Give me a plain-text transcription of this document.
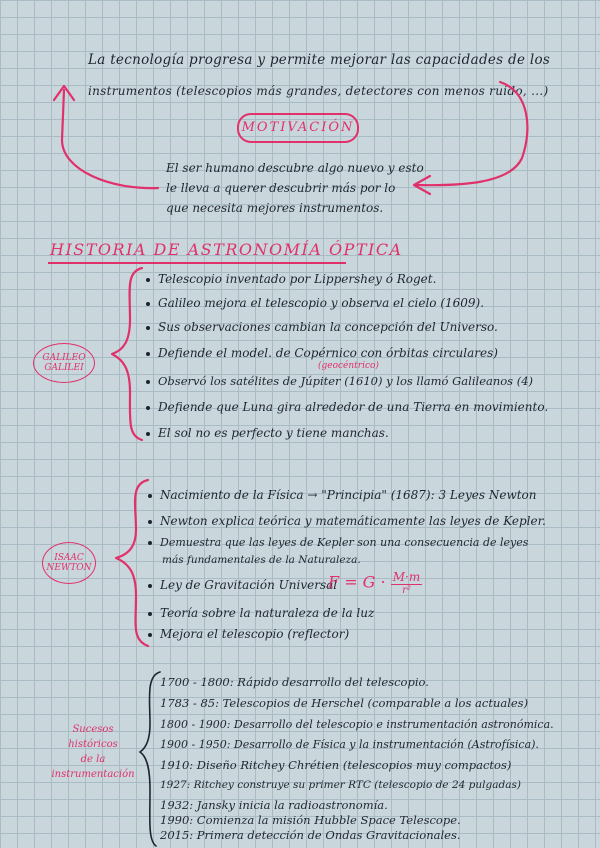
La tecnología progresa y permite mejorar las capacidades de los
instrumentos (telescopios más grandes, detectores con menos ruido, ...)
MOTIVACIÓN
El ser humano descubre algo nuevo y esto
le lleva a querer descubrir más por lo
que necesita mejores instrumentos.
HISTORIA DE ASTRONOMÍA ÓPTICA
GALILEO
GALILEI
Telescopio inventado por Lippershey ó Roget.
Galileo mejora el telescopio y observa el cielo (1609).
Sus observaciones cambian la concepción del Universo.
(geocéntrico)
Defiende el model. de Copérnico con órbitas circulares)
Observó los satélites de Júpiter (1610) y los llamó Galileanos (4)
Defiende que Luna gira alrededor de una Tierra en movimiento.
El sol no es perfecto y tiene manchas.
ISAAC
NEWTON
Nacimiento de la Física → "Principia" (1687): 3 Leyes Newton
Newton explica teórica y matemáticamente las leyes de Kepler.
Demuestra que las leyes de Kepler son una consecuencia de leyes
más fundamentales de la Naturaleza.
Ley de Gravitación Universal
$F = G \cdot \frac{M\cdot m}{\text{r²}}$
Teoría sobre la naturaleza de la luz
Mejora el telescopio (reflector)
Sucesos históricos
de la
instrumentación
1700 - 1800: Rápido desarrollo del telescopio.
1783 - 85: Telescopios de Herschel (comparable a los actuales)
1800 - 1900: Desarrollo del telescopio e instrumentación astronómica.
1900 - 1950: Desarrollo de Física y la instrumentación (Astrofísica).
1910: Diseño Ritchey Chrétien (telescopios muy compactos)
1927: Ritchey construye su primer RTC (telescopio de 24 pulgadas)
1932: Jansky inicia la radioastronomía.
1990: Comienza la misión Hubble Space Telescope.
2015: Primera detección de Ondas Gravitacionales.
